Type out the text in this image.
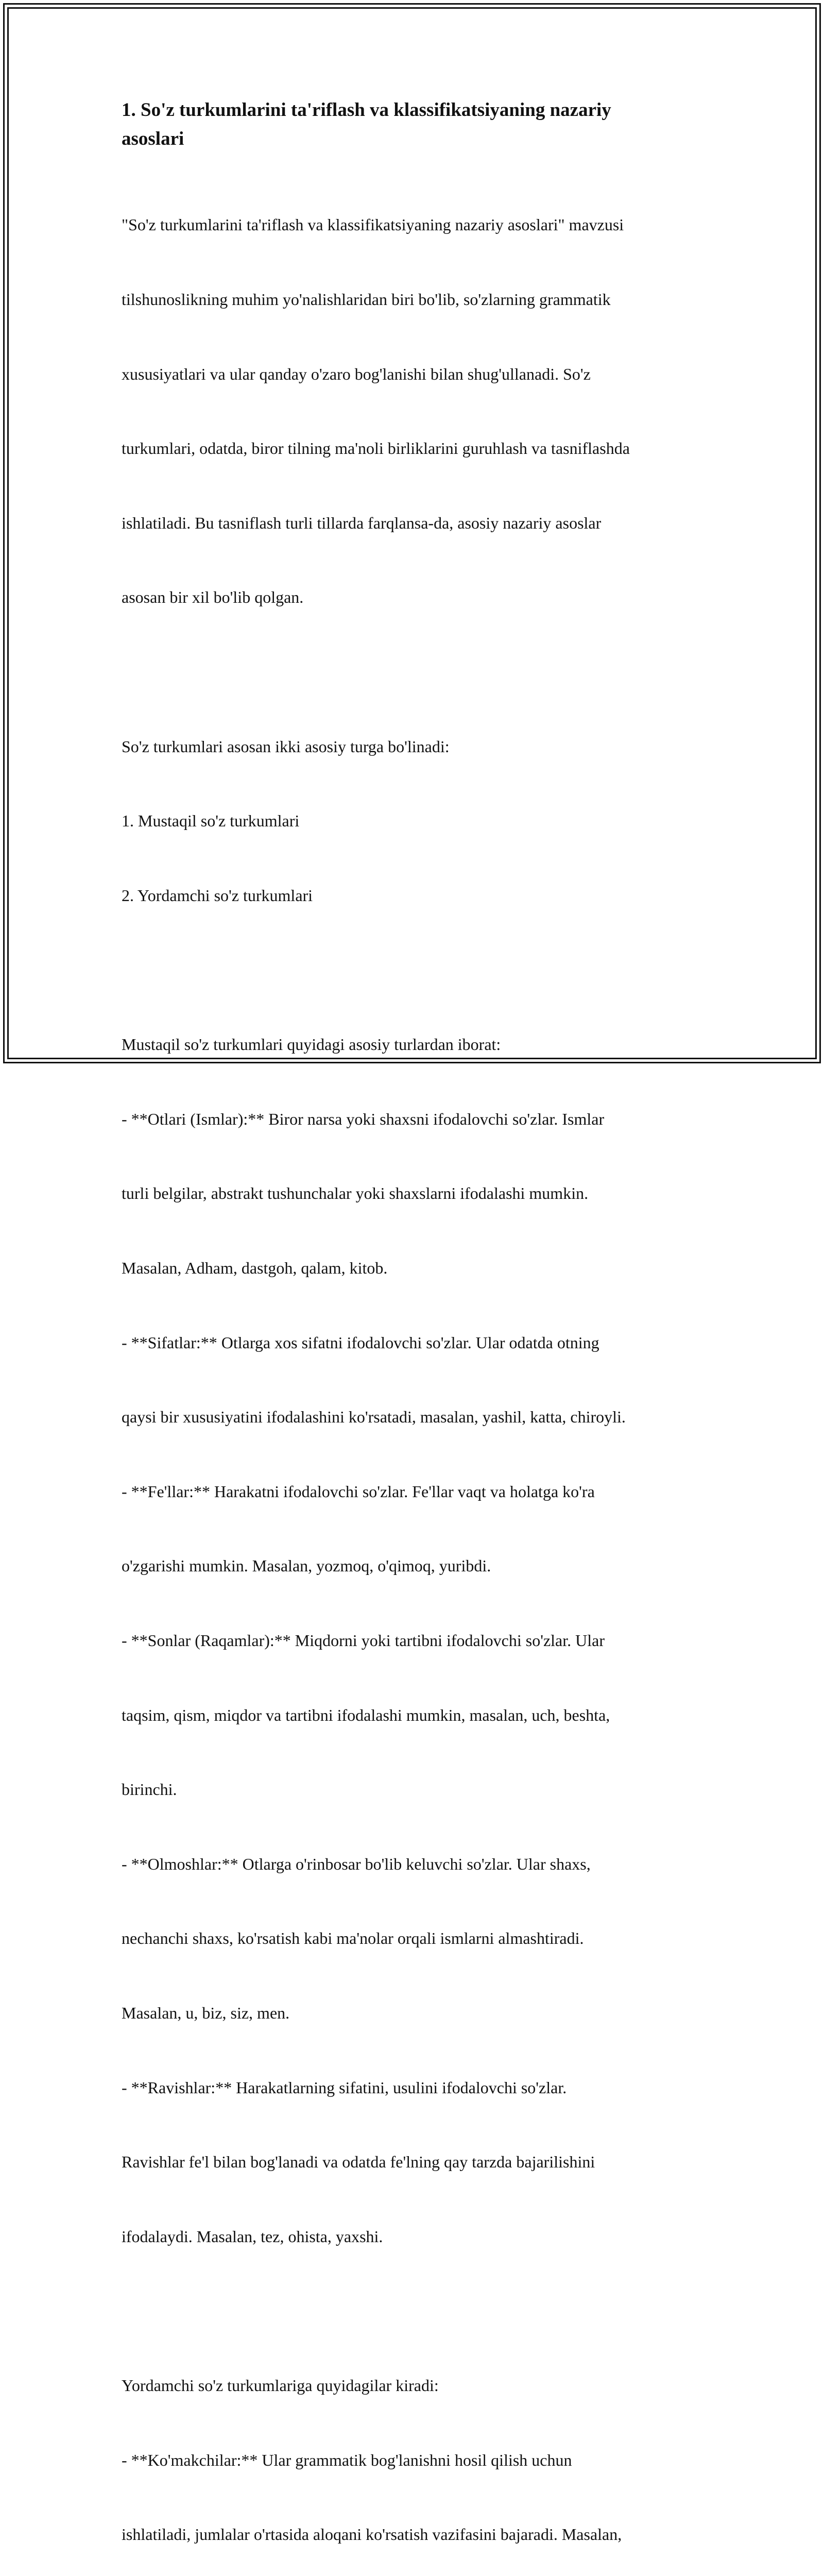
1. So'z turkumlarini ta'riflash va klassifikatsiyaning nazariy
asoslari

"So'z turkumlarini ta'riflash va klassifikatsiyaning nazariy asoslari" mavzusi

tilshunoslikning muhim yo'nalishlaridan biri bo'lib, so'zlarning grammatik

xususiyatlari va ular qanday o'zaro bog'lanishi bilan shug'ullanadi. So'z

turkumlari, odatda, biror tilning ma'noli birliklarini guruhlash va tasniflashda

ishlatiladi. Bu tasniflash turli tillarda farqlansa-da, asosiy nazariy asoslar

asosan bir xil bo'lib qolgan.

So'z turkumlari asosan ikki asosiy turga bo'linadi:

1. Mustaqil so'z turkumlari

2. Yordamchi so'z turkumlari

Mustaqil so'z turkumlari quyidagi asosiy turlardan iborat:

- **Otlari (Ismlar):** Biror narsa yoki shaxsni ifodalovchi so'zlar. Ismlar

turli belgilar, abstrakt tushunchalar yoki shaxslarni ifodalashi mumkin.

Masalan, Adham, dastgoh, qalam, kitob.

- **Sifatlar:** Otlarga xos sifatni ifodalovchi so'zlar. Ular odatda otning

qaysi bir xususiyatini ifodalashini ko'rsatadi, masalan, yashil, katta, chiroyli.

- **Fe'llar:** Harakatni ifodalovchi so'zlar. Fe'llar vaqt va holatga ko'ra

o'zgarishi mumkin. Masalan, yozmoq, o'qimoq, yuribdi.

- **Sonlar (Raqamlar):** Miqdorni yoki tartibni ifodalovchi so'zlar. Ular

taqsim, qism, miqdor va tartibni ifodalashi mumkin, masalan, uch, beshta,

birinchi.

- **Olmoshlar:** Otlarga o'rinbosar bo'lib keluvchi so'zlar. Ular shaxs,

nechanchi shaxs, ko'rsatish kabi ma'nolar orqali ismlarni almashtiradi.

Masalan, u, biz, siz, men.

- **Ravishlar:** Harakatlarning sifatini, usulini ifodalovchi so'zlar.

Ravishlar fe'l bilan bog'lanadi va odatda fe'lning qay tarzda bajarilishini

ifodalaydi. Masalan, tez, ohista, yaxshi.

Yordamchi so'z turkumlariga quyidagilar kiradi:

- **Ko'makchilar:** Ular grammatik bog'lanishni hosil qilish uchun

ishlatiladi, jumlalar o'rtasida aloqani ko'rsatish vazifasini bajaradi. Masalan,
